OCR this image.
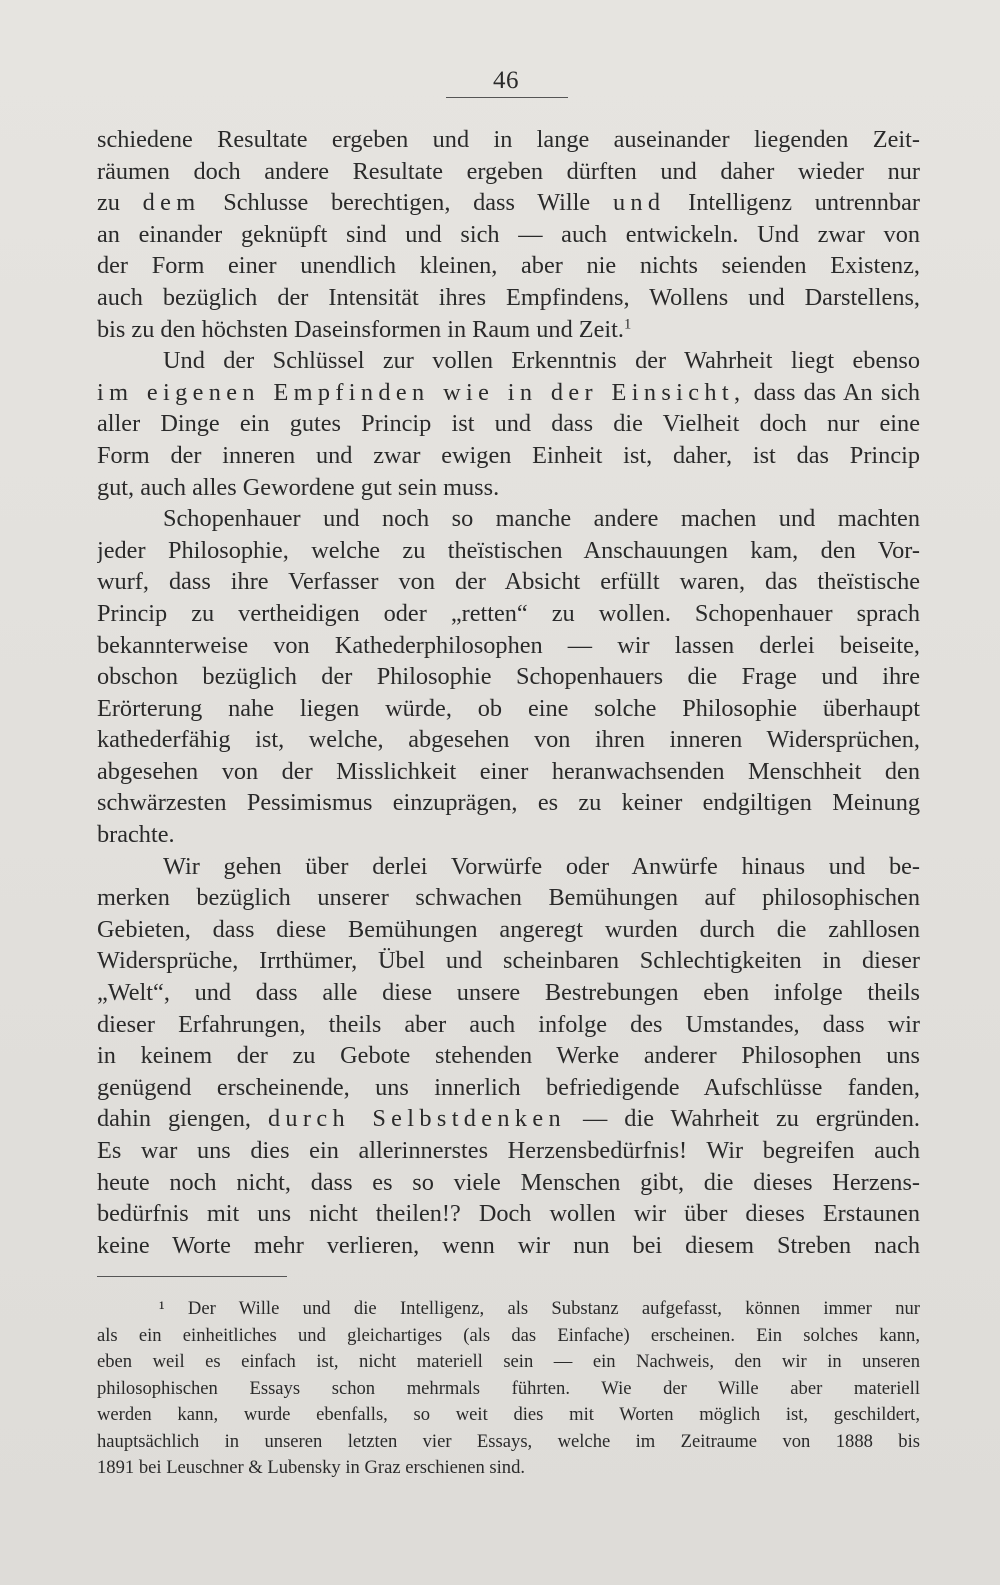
46
schiedene Resultate ergeben und in lange auseinander liegenden Zeit-
räumen doch andere Resultate ergeben dürften und daher wieder nur
zu dem Schlusse berechtigen, dass Wille und Intelligenz untrennbar
an einander geknüpft sind und sich — auch entwickeln. Und zwar von
der Form einer unendlich kleinen, aber nie nichts seienden Existenz,
auch bezüglich der Intensität ihres Empfindens, Wollens und Darstellens,
bis zu den höchsten Daseinsformen in Raum und Zeit.$^1$
Und der Schlüssel zur vollen Erkenntnis der Wahrheit liegt ebenso
im eigenen Empfinden wie in der Einsicht, dass das An sich
aller Dinge ein gutes Princip ist und dass die Vielheit doch nur eine
Form der inneren und zwar ewigen Einheit ist, daher, ist das Princip
gut, auch alles Gewordene gut sein muss.
Schopenhauer und noch so manche andere machen und machten
jeder Philosophie, welche zu theïstischen Anschauungen kam, den Vor-
wurf, dass ihre Verfasser von der Absicht erfüllt waren, das theïstische
Princip zu vertheidigen oder „retten“ zu wollen. Schopenhauer sprach
bekannterweise von Kathederphilosophen — wir lassen derlei beiseite,
obschon bezüglich der Philosophie Schopenhauers die Frage und ihre
Erörterung nahe liegen würde, ob eine solche Philosophie überhaupt
kathederfähig ist, welche, abgesehen von ihren inneren Widersprüchen,
abgesehen von der Misslichkeit einer heranwachsenden Menschheit den
schwärzesten Pessimismus einzuprägen, es zu keiner endgiltigen Meinung
brachte.
Wir gehen über derlei Vorwürfe oder Anwürfe hinaus und be-
merken bezüglich unserer schwachen Bemühungen auf philosophischen
Gebieten, dass diese Bemühungen angeregt wurden durch die zahllosen
Widersprüche, Irrthümer, Übel und scheinbaren Schlechtigkeiten in dieser
„Welt“, und dass alle diese unsere Bestrebungen eben infolge theils
dieser Erfahrungen, theils aber auch infolge des Umstandes, dass wir
in keinem der zu Gebote stehenden Werke anderer Philosophen uns
genügend erscheinende, uns innerlich befriedigende Aufschlüsse fanden,
dahin giengen, durch Selbstdenken — die Wahrheit zu ergründen.
Es war uns dies ein allerinnerstes Herzensbedürfnis! Wir begreifen auch
heute noch nicht, dass es so viele Menschen gibt, die dieses Herzens-
bedürfnis mit uns nicht theilen!? Doch wollen wir über dieses Erstaunen
keine Worte mehr verlieren, wenn wir nun bei diesem Streben nach
¹ Der Wille und die Intelligenz, als Substanz aufgefasst, können immer nur
als ein einheitliches und gleichartiges (als das Einfache) erscheinen. Ein solches kann,
eben weil es einfach ist, nicht materiell sein — ein Nachweis, den wir in unseren
philosophischen Essays schon mehrmals führten. Wie der Wille aber materiell
werden kann, wurde ebenfalls, so weit dies mit Worten möglich ist, geschildert,
hauptsächlich in unseren letzten vier Essays, welche im Zeitraume von 1888 bis
1891 bei Leuschner & Lubensky in Graz erschienen sind.
